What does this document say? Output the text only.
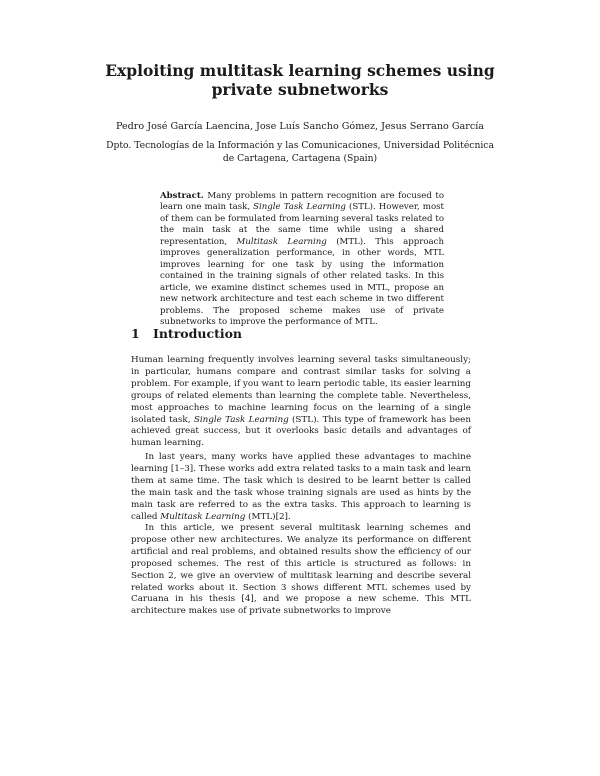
Exploiting multitask learning schemes using
private subnetworks
Pedro José García Laencina, Jose Luís Sancho Gómez, Jesus Serrano García
Dpto. Tecnologías de la Información y las Comunicaciones, Universidad Politécnica
de Cartagena, Cartagena (Spain)
Abstract. Many problems in pattern recognition are focused to learn one main task, Single Task Learning (STL). However, most of them can be formulated from learning several tasks related to the main task at the same time while using a shared representation, Multitask Learning (MTL). This approach improves generalization performance, in other words, MTL improves learning for one task by using the information contained in the training signals of other related tasks. In this article, we examine distinct schemes used in MTL, propose an new network architecture and test each scheme in two different problems. The proposed scheme makes use of private subnetworks to improve the performance of MTL.
1 Introduction
Human learning frequently involves learning several tasks simultaneously; in particular, humans compare and contrast similar tasks for solving a problem. For example, if you want to learn periodic table, its easier learning groups of related elements than learning the complete table. Nevertheless, most approaches to machine learning focus on the learning of a single isolated task, Single Task Learning (STL). This type of framework has been achieved great success, but it overlooks basic details and advantages of human learning.
In last years, many works have applied these advantages to machine learning [1–3]. These works add extra related tasks to a main task and learn them at same time. The task which is desired to be learnt better is called the main task and the task whose training signals are used as hints by the main task are referred to as the extra tasks. This approach to learning is called Multitask Learning (MTL)[2].
In this article, we present several multitask learning schemes and propose other new architectures. We analyze its performance on different artificial and real problems, and obtained results show the efficiency of our proposed schemes. The rest of this article is structured as follows: in Section 2, we give an overview of multitask learning and describe several related works about it. Section 3 shows different MTL schemes used by Caruana in his thesis [4], and we propose a new scheme. This MTL architecture makes use of private subnetworks to improve
